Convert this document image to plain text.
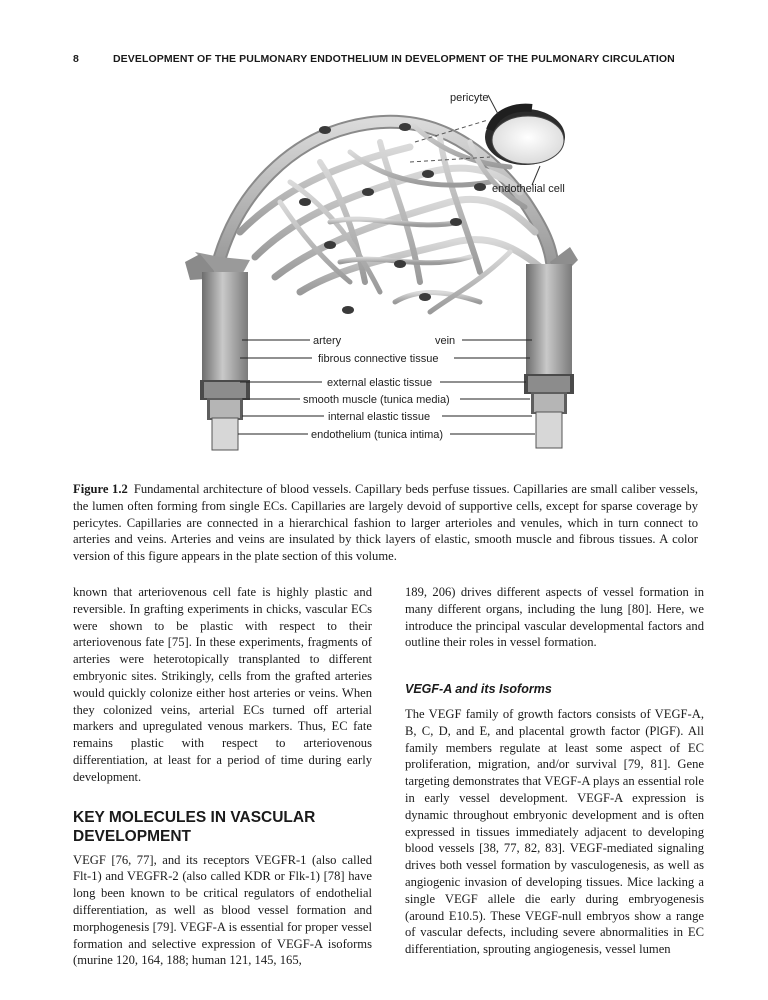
8	DEVELOPMENT OF THE PULMONARY ENDOTHELIUM IN DEVELOPMENT OF THE PULMONARY CIRCULATION
pericyte
endothelial cell
artery	vein
fibrous connective tissue
external elastic tissue
smooth muscle (tunica media)
internal elastic tissue
endothelium (tunica intima)
Figure 1.2 Fundamental architecture of blood vessels. Capillary beds perfuse tissues. Capillaries are small caliber vessels, the lumen often forming from single ECs. Capillaries are largely devoid of supportive cells, except for sparse coverage by pericytes. Capillaries are connected in a hierarchical fashion to larger arterioles and venules, which in turn connect to arteries and veins. Arteries and veins are insulated by thick layers of elastic, smooth muscle and fibrous tissues. A color version of this figure appears in the plate section of this volume.

known that arteriovenous cell fate is highly plastic and reversible. In grafting experiments in chicks, vascular ECs were shown to be plastic with respect to their arteriovenous fate [75]. In these experiments, fragments of arteries were heterotopically transplanted to different embryonic sites. Strikingly, cells from the grafted arteries would quickly colonize either host arteries or veins. When they colonized veins, arterial ECs turned off arterial markers and upregulated venous markers. Thus, EC fate remains plastic with respect to arteriovenous differentiation, at least for a period of time during early development.

KEY MOLECULES IN VASCULAR DEVELOPMENT

VEGF [76, 77], and its receptors VEGFR-1 (also called Flt-1) and VEGFR-2 (also called KDR or Flk-1) [78] have long been known to be critical regulators of endothelial differentiation, as well as blood vessel formation and morphogenesis [79]. VEGF-A is essential for proper vessel formation and selective expression of VEGF-A isoforms (murine 120, 164, 188; human 121, 145, 165,

189, 206) drives different aspects of vessel formation in many different organs, including the lung [80]. Here, we introduce the principal vascular developmental factors and outline their roles in vessel formation.

VEGF-A and its Isoforms

The VEGF family of growth factors consists of VEGF-A, B, C, D, and E, and placental growth factor (PlGF). All family members regulate at least some aspect of EC proliferation, migration, and/or survival [79, 81]. Gene targeting demonstrates that VEGF-A plays an essential role in early vessel development. VEGF-A expression is dynamic throughout embryonic development and is often expressed in tissues immediately adjacent to developing blood vessels [38, 77, 82, 83]. VEGF-mediated signaling drives both vessel formation by vasculogenesis, as well as angiogenic invasion of developing tissues. Mice lacking a single VEGF allele die early during embryogenesis (around E10.5). These VEGF-null embryos show a range of vascular defects, including severe abnormalities in EC differentiation, sprouting angiogenesis, vessel lumen
